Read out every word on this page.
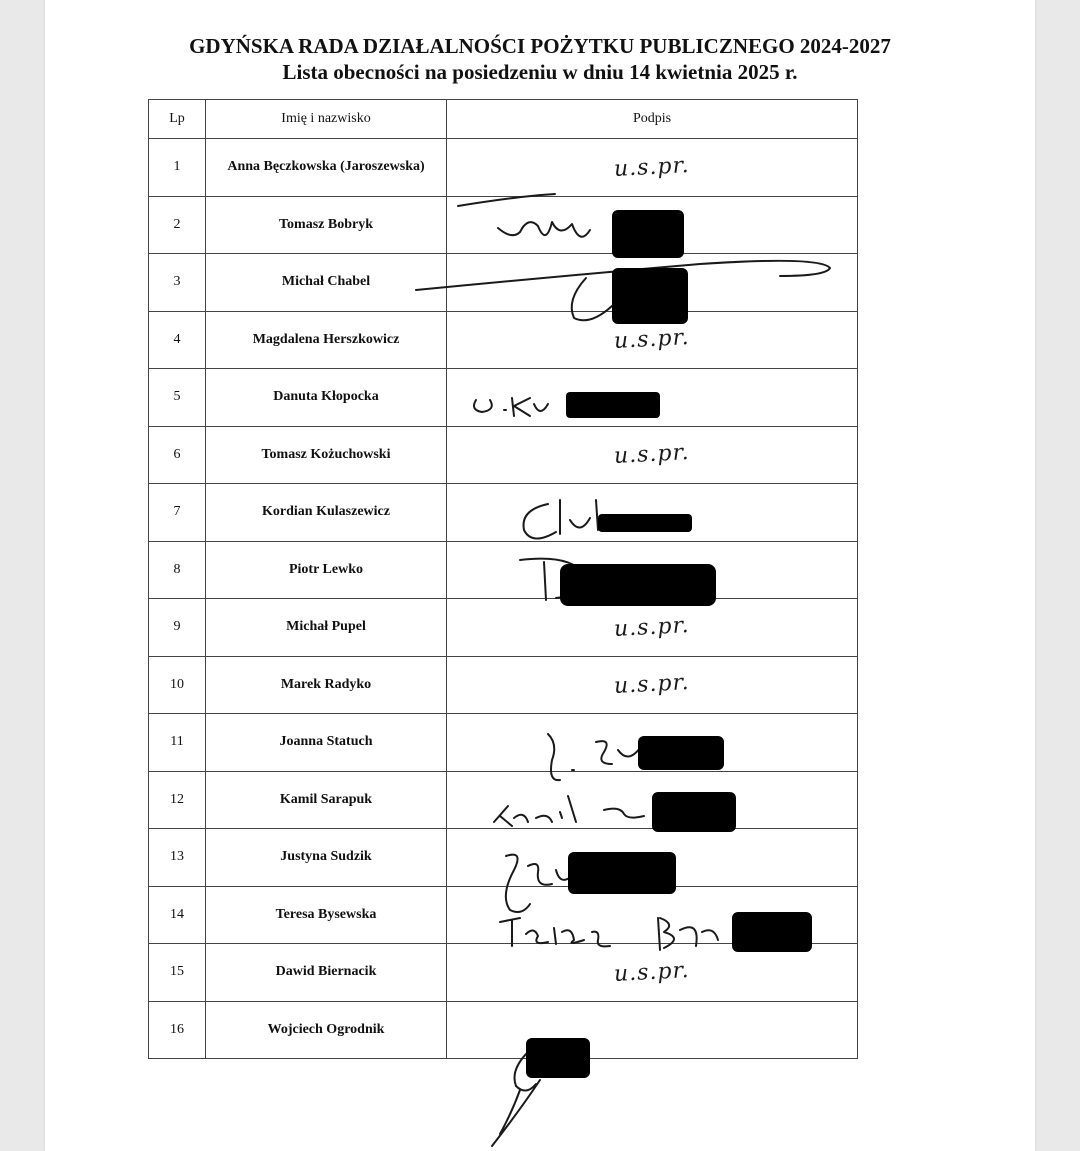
GDYŃSKA RADA DZIAŁALNOŚCI POŻYTKU PUBLICZNEGO 2024-2027
Lista obecności na posiedzeniu w dniu 14 kwietnia 2025 r.
Lp	Imię i nazwisko	Podpis
1	Anna Bęczkowska (Jaroszewska)	u.s.pr.
2	Tomasz Bobryk	
3	Michał Chabel	
4	Magdalena Herszkowicz	u.s.pr.
5	Danuta Kłopocka	
6	Tomasz Kożuchowski	u.s.pr.
7	Kordian Kulaszewicz	
8	Piotr Lewko	
9	Michał Pupel	u.s.pr.
10	Marek Radyko	u.s.pr.
11	Joanna Statuch	
12	Kamil Sarapuk	
13	Justyna Sudzik	
14	Teresa Bysewska	
15	Dawid Biernacik	u.s.pr.
16	Wojciech Ogrodnik	
